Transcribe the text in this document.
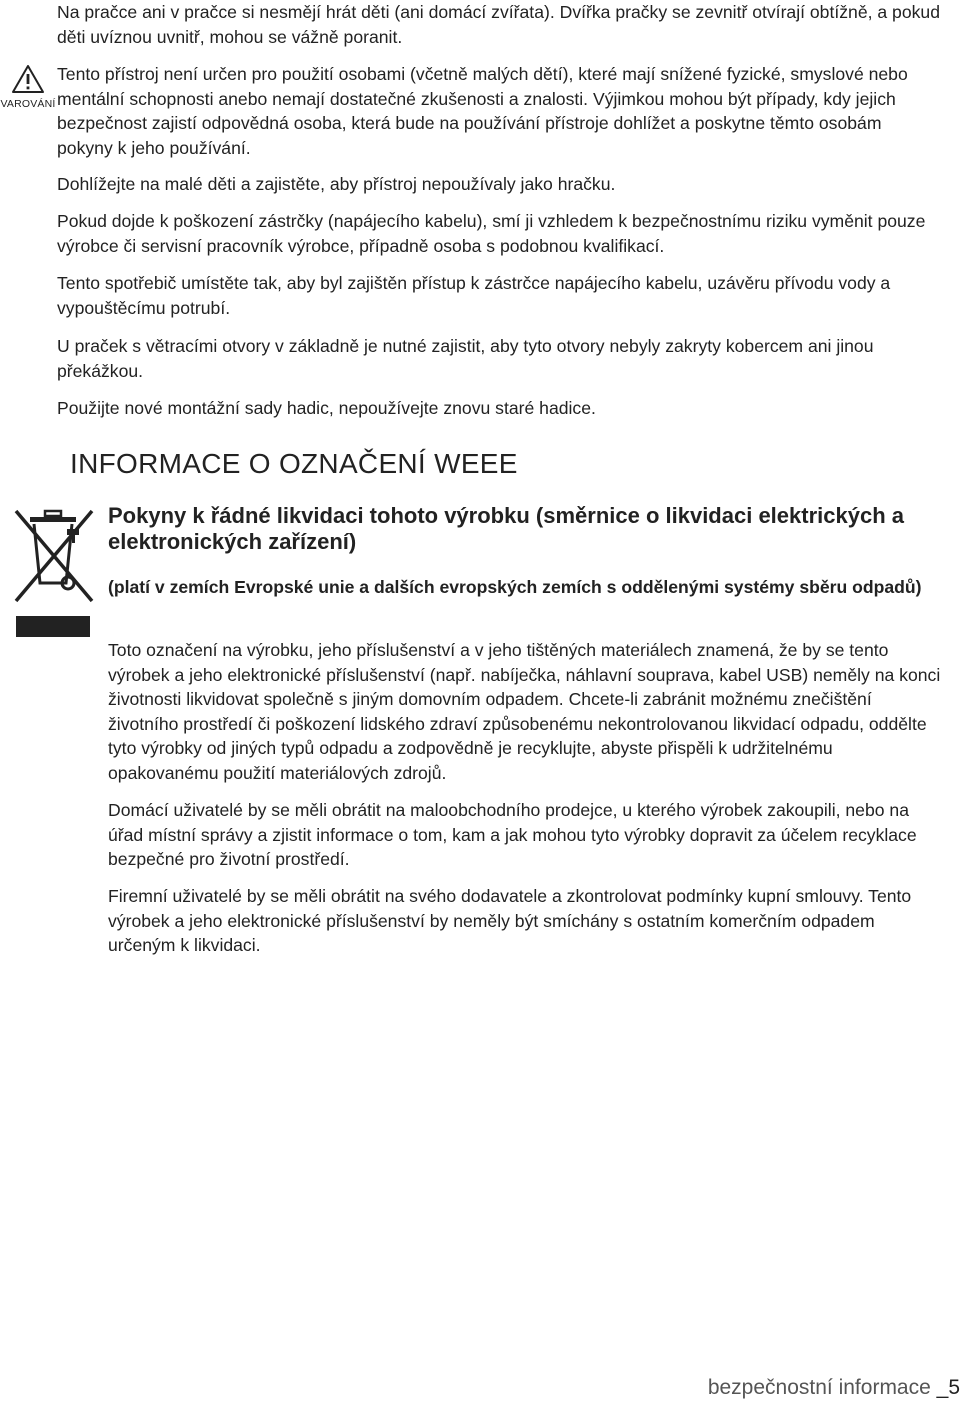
Na pračce ani v pračce si nesmějí hrát děti (ani domácí zvířata). Dvířka pračky se zevnitř otvírají obtížně, a pokud děti uvíznou uvnitř, mohou se vážně poranit.

VAROVÁNÍ

Tento přístroj není určen pro použití osobami (včetně malých dětí), které mají snížené fyzické, smyslové nebo mentální schopnosti anebo nemají dostatečné zkušenosti a znalosti. Výjimkou mohou být případy, kdy jejich bezpečnost zajistí odpovědná osoba, která bude na používání přístroje dohlížet a poskytne těmto osobám pokyny k jeho používání.

Dohlížejte na malé děti a zajistěte, aby přístroj nepoužívaly jako hračku.

Pokud dojde k poškození zástrčky (napájecího kabelu), smí ji vzhledem k bezpečnostnímu riziku vyměnit pouze výrobce či servisní pracovník výrobce, případně osoba s podobnou kvalifikací.

Tento spotřebič umístěte tak, aby byl zajištěn přístup k zástrčce napájecího kabelu, uzávěru přívodu vody a vypouštěcímu potrubí.

U praček s větracími otvory v základně je nutné zajistit, aby tyto otvory nebyly zakryty kobercem ani jinou překážkou.

Použijte nové montážní sady hadic, nepoužívejte znovu staré hadice.

INFORMACE O OZNAČENÍ WEEE
Pokyny k řádné likvidaci tohoto výrobku (směrnice o likvidaci elektrických a elektronických zařízení)

(platí v zemích Evropské unie a dalších evropských zemích s oddělenými systémy sběru odpadů)

Toto označení na výrobku, jeho příslušenství a v jeho tištěných materiálech znamená, že by se tento výrobek a jeho elektronické příslušenství (např. nabíječka, náhlavní souprava, kabel USB) neměly na konci životnosti likvidovat společně s jiným domovním odpadem. Chcete-li zabránit možnému znečištění životního prostředí či poškození lidského zdraví způsobenému nekontrolovanou likvidací odpadu, oddělte tyto výrobky od jiných typů odpadu a zodpovědně je recyklujte, abyste přispěli k udržitelnému opakovanému použití materiálových zdrojů.

Domácí uživatelé by se měli obrátit na maloobchodního prodejce, u kterého výrobek zakoupili, nebo na úřad místní správy a zjistit informace o tom, kam a jak mohou tyto výrobky dopravit za účelem recyklace bezpečné pro životní prostředí.

Firemní uživatelé by se měli obrátit na svého dodavatele a zkontrolovat podmínky kupní smlouvy. Tento výrobek a jeho elektronické příslušenství by neměly být smíchány s ostatním komerčním odpadem určeným k likvidaci.

bezpečnostní informace _5
